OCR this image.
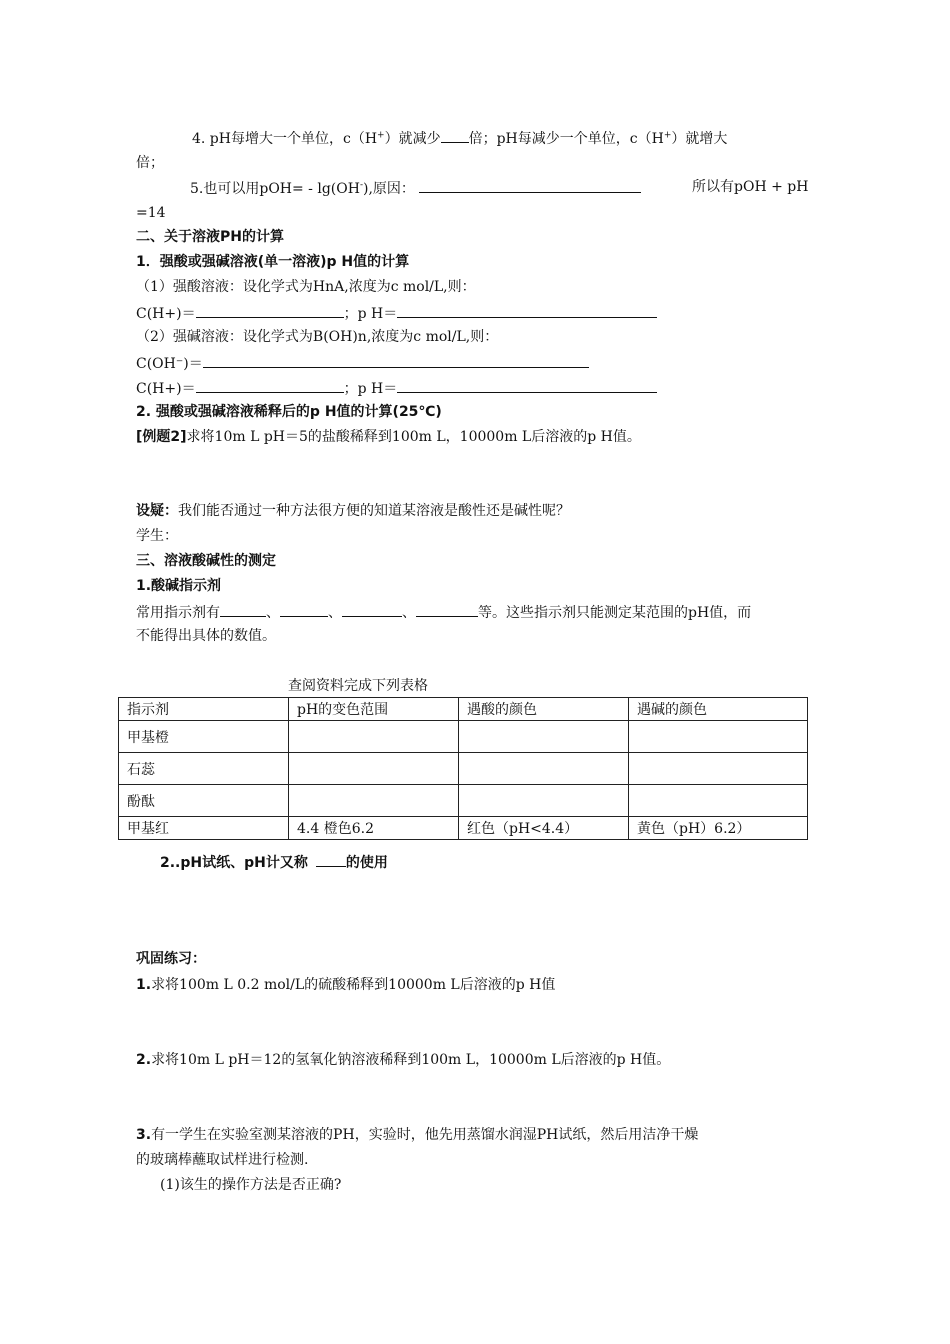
4. pH每增大一个单位，c（H+）就减少 倍；pH每减少一个单位，c（H+）就增大
倍；
5.也可以用pOH= - lg(OH-),原因：	所以有pOH + pH
=14
二、关于溶液PH的计算
1．强酸或强碱溶液(单一溶液)p H值的计算
（1）强酸溶液：设化学式为HnA,浓度为c mol/L,则：
C(H+)＝	；p H＝
（2）强碱溶液：设化学式为B(OH)n,浓度为c mol/L,则：
C(OH⁻)＝
C(H+)＝	；p H＝
2. 强酸或强碱溶液稀释后的p H值的计算(25℃)
[例题2]求将10m L pH＝5的盐酸稀释到100m L，10000m L后溶液的p H值。
设疑：我们能否通过一种方法很方便的知道某溶液是酸性还是碱性呢？
学生：
三、溶液酸碱性的测定
1.酸碱指示剂
常用指示剂有	、	、	、	等。这些指示剂只能测定某范围的pH值，而
不能得出具体的数值。
查阅资料完成下列表格
指示剂	pH的变色范围	遇酸的颜色	遇碱的颜色
甲基橙			
石蕊			
酚酞			
甲基红	4.4 橙色6.2	红色（pH<4.4）	黄色（pH）6.2）
2..pH试纸、pH计又称	的使用
巩固练习：
1.求将100m L 0.2 mol/L的硫酸稀释到10000m L后溶液的p H值
2.求将10m L pH＝12的氢氧化钠溶液稀释到100m L，10000m L后溶液的p H值。
3.有一学生在实验室测某溶液的PH，实验时，他先用蒸馏水润湿PH试纸，然后用洁净干燥
的玻璃棒蘸取试样进行检测.
(1)该生的操作方法是否正确?
